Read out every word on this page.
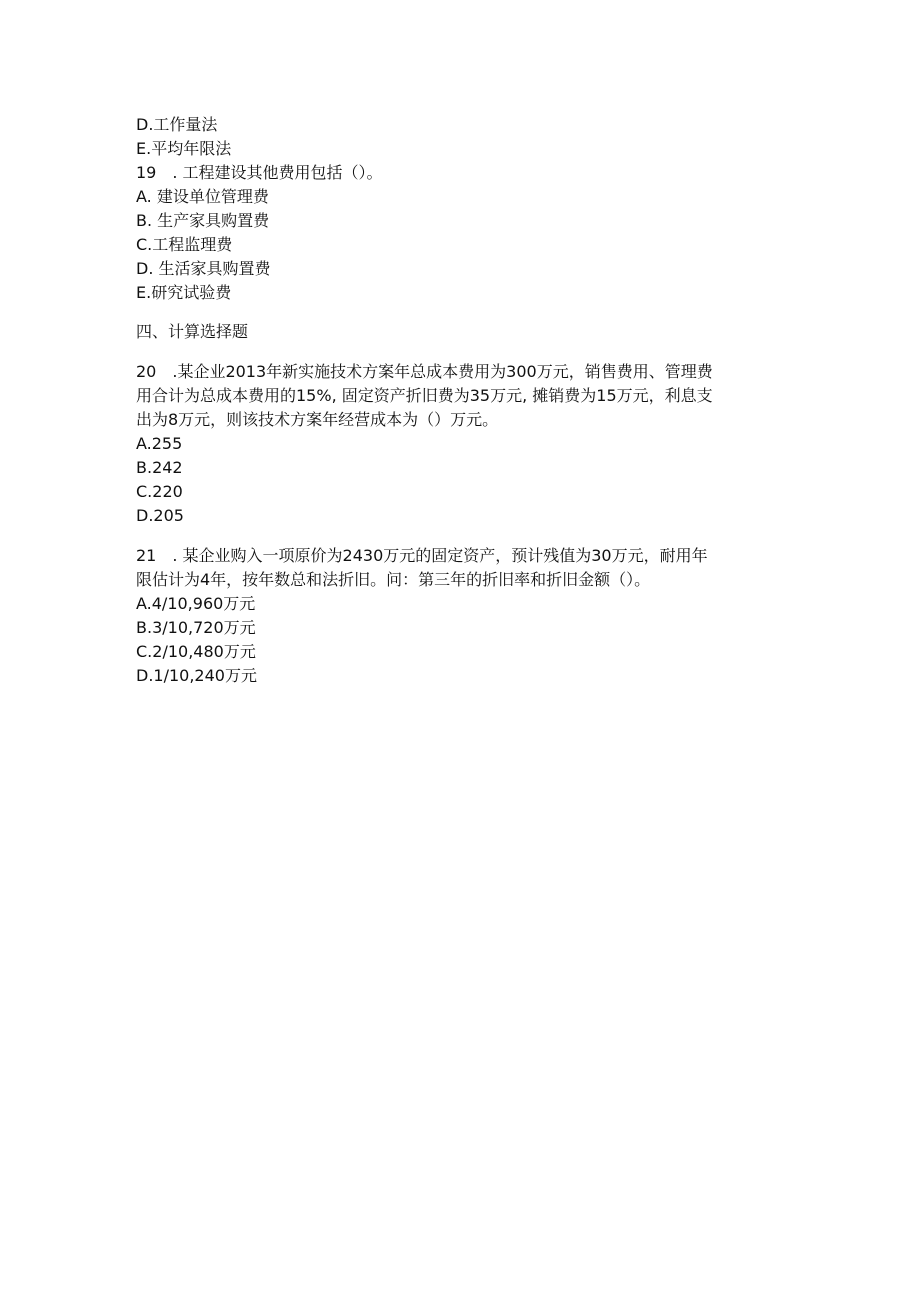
D.工作量法

E.平均年限法

19　. 工程建设其他费用包括（）。

A. 建设单位管理费

B. 生产家具购置费

C.工程监理费

D. 生活家具购置费

E.研究试验费

四、计算选择题

20　.某企业2013年新实施技术方案年总成本费用为300万元，销售费用、管理费

用合计为总成本费用的15%, 固定资产折旧费为35万元, 摊销费为15万元，利息支

出为8万元，则该技术方案年经营成本为（）万元。

A.255

B.242

C.220

D.205

21　. 某企业购入一项原价为2430万元的固定资产，预计残值为30万元，耐用年

限估计为4年，按年数总和法折旧。问：第三年的折旧率和折旧金额（）。

A.4/10,960万元

B.3/10,720万元

C.2/10,480万元

D.1/10,240万元
